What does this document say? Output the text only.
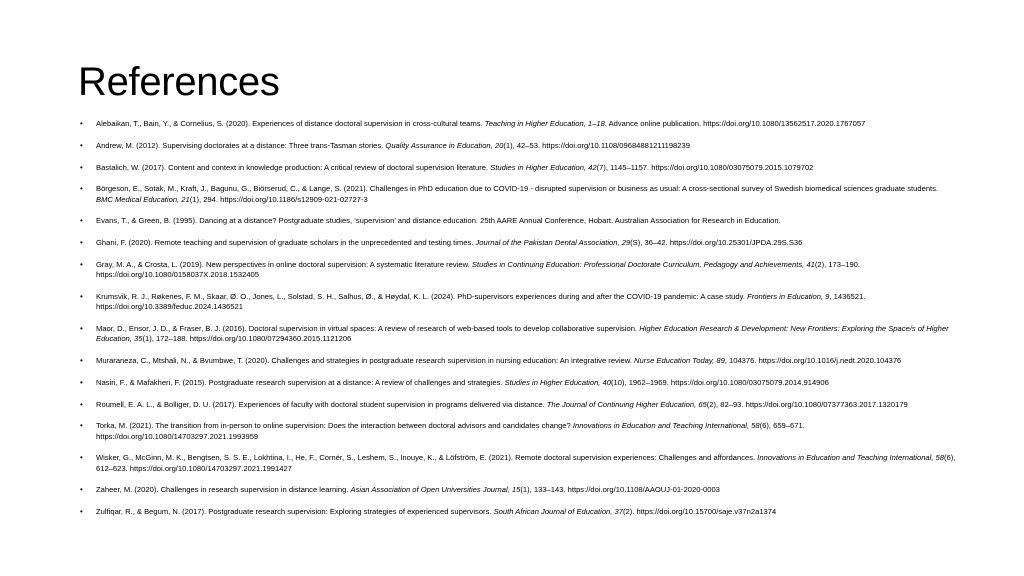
References
• Alebaikan, T., Bain, Y., & Cornelius, S. (2020). Experiences of distance doctoral supervision in cross-cultural teams. Teaching in Higher Education, 1–18. Advance online publication. https://doi.org/10.1080/13562517.2020.1767057
• Andrew, M. (2012). Supervising doctorates at a distance: Three trans-Tasman stories. Quality Assurance in Education, 20(1), 42–53. https://doi.org/10.1108/09684881211198239
• Bastalich, W. (2017). Content and context in knowledge production: A critical review of doctoral supervision literature. Studies in Higher Education, 42(7), 1145–1157. https://doi.org/10.1080/03075079.2015.1079702
• Börgeson, E., Sotak, M., Kraft, J., Bagunu, G., Biörserud, C., & Lange, S. (2021). Challenges in PhD education due to COVID-19 - disrupted supervision or business as usual: A cross-sectional survey of Swedish biomedical sciences graduate students. BMC Medical Education, 21(1), 294. https://doi.org/10.1186/s12909-021-02727-3
• Evans, T., & Green, B. (1995). Dancing at a distance? Postgraduate studies, ‘supervision’ and distance education. 25th AARE Annual Conference, Hobart. Australian Association for Research in Education.
• Ghani, F. (2020). Remote teaching and supervision of graduate scholars in the unprecedented and testing times. Journal of the Pakistan Dental Association, 29(S), 36–42. https://doi.org/10.25301/JPDA.29S.S36
• Gray, M. A., & Crosta, L. (2019). New perspectives in online doctoral supervision: A systematic literature review. Studies in Continuing Education: Professional Doctorate Curriculum, Pedagogy and Achievements, 41(2), 173–190. https://doi.org/10.1080/0158037X.2018.1532405
• Krumsvik, R. J., Røkenes, F. M., Skaar, Ø. O., Jones, L., Solstad, S. H., Salhus, Ø., & Høydal, K. L. (2024). PhD-supervisors experiences during and after the COVID-19 pandemic: A case study. Frontiers in Education, 9, 1436521. https://doi.org/10.3389/feduc.2024.1436521
• Maor, D., Ensor, J. D., & Fraser, B. J. (2016). Doctoral supervision in virtual spaces: A review of research of web-based tools to develop collaborative supervision. Higher Education Research & Development: New Frontiers: Exploring the Space/s of Higher Education, 35(1), 172–188. https://doi.org/10.1080/07294360.2015.1121206
• Muraraneza, C., Mtshali, N., & Bvumbwe, T. (2020). Challenges and strategies in postgraduate research supervision in nursing education: An integrative review. Nurse Education Today, 89, 104376. https://doi.org/10.1016/j.nedt.2020.104376
• Nasiri, F., & Mafakheri, F. (2015). Postgraduate research supervision at a distance: A review of challenges and strategies. Studies in Higher Education, 40(10), 1962–1969. https://doi.org/10.1080/03075079.2014.914906
• Roumell, E. A. L., & Bolliger, D. U. (2017). Experiences of faculty with doctoral student supervision in programs delivered via distance. The Journal of Continuing Higher Education, 65(2), 82–93. https://doi.org/10.1080/07377363.2017.1320179
• Torka, M. (2021). The transition from in-person to online supervision: Does the interaction between doctoral advisors and candidates change? Innovations in Education and Teaching International, 58(6), 659–671. https://doi.org/10.1080/14703297.2021.1993959
• Wisker, G., McGinn, M. K., Bengtsen, S. S. E., Lokhtina, I., He, F., Cornér, S., Leshem, S., Inouye, K., & Löfström, E. (2021). Remote doctoral supervision experiences: Challenges and affordances. Innovations in Education and Teaching International, 58(6), 612–623. https://doi.org/10.1080/14703297.2021.1991427
• Zaheer, M. (2020). Challenges in research supervision in distance learning. Asian Association of Open Universities Journal, 15(1), 133–143. https://doi.org/10.1108/AAOUJ-01-2020-0003
• Zulfiqar, R., & Begum, N. (2017). Postgraduate research supervision: Exploring strategies of experienced supervisors. South African Journal of Education, 37(2). https://doi.org/10.15700/saje.v37n2a1374
